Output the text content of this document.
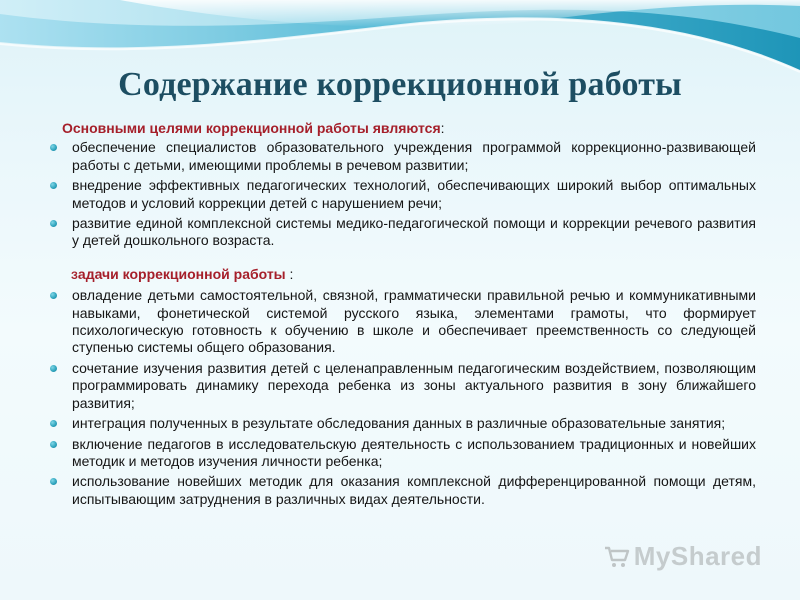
Содержание коррекционной работы
Основными целями коррекционной работы являются:
обеспечение специалистов образовательного учреждения программой коррекционно-развивающей работы с детьми, имеющими проблемы в речевом развитии;
внедрение эффективных педагогических технологий, обеспечивающих широкий выбор оптимальных методов и условий коррекции детей с нарушением речи;
развитие единой комплексной системы медико-педагогической помощи и коррекции речевого развития у детей дошкольного возраста.
Задачи коррекционной работы :
овладение детьми самостоятельной, связной, грамматически правильной речью и коммуникативными навыками, фонетической системой русского языка, элементами грамоты, что формирует психологическую готовность к обучению в школе и обеспечивает преемственность со следующей ступенью системы общего образования.
сочетание изучения развития детей с целенаправленным педагогическим воздействием, позволяющим программировать динамику перехода ребенка из зоны актуального развития в зону ближайшего развития;
интеграция полученных в результате обследования данных в различные образовательные занятия;
включение педагогов в исследовательскую деятельность с использованием традиционных и новейших методик и методов изучения личности ребенка;
использование новейших методик для оказания комплексной дифференцированной помощи детям, испытывающим затруднения в различных видах деятельности.
MyShared
